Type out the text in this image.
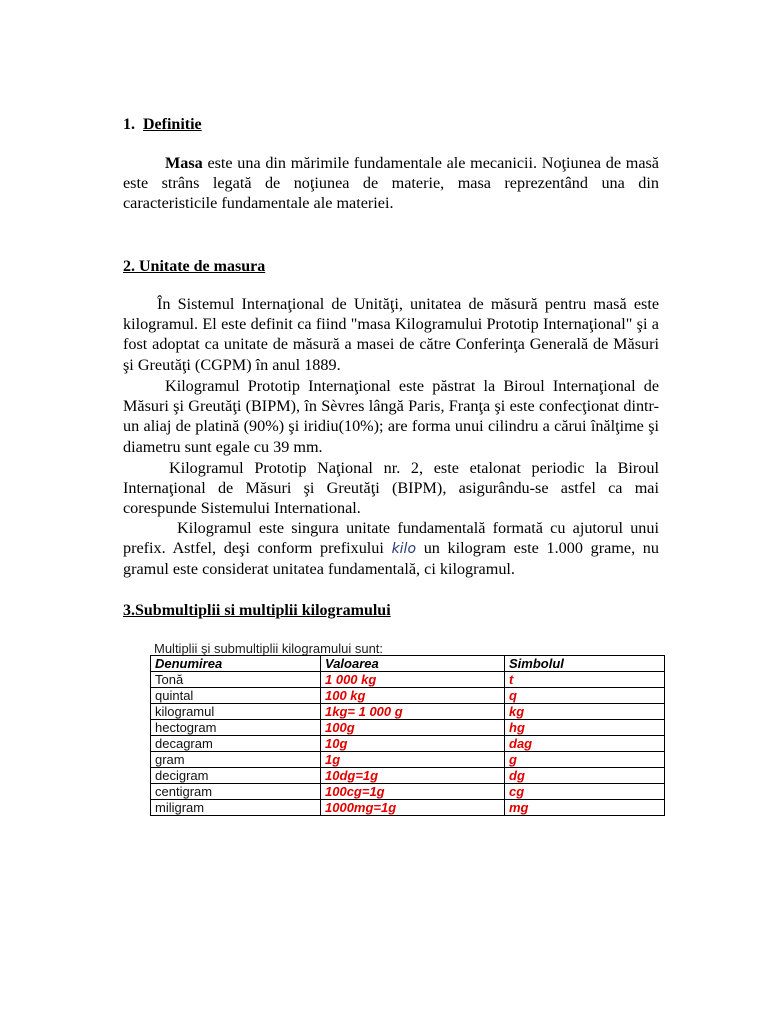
1. Definitie

Masa este una din mărimile fundamentale ale mecanicii. Noţiunea de masă este strâns legată de noţiunea de materie, masa reprezentând una din caracteristicile fundamentale ale materiei.

2. Unitate de masura

În Sistemul Internaţional de Unităţi, unitatea de măsură pentru masă este kilogramul. El este definit ca fiind "masa Kilogramului Prototip Internaţional" şi a fost adoptat ca unitate de măsură a masei de către Conferinţa Generală de Măsuri şi Greutăţi (CGPM) în anul 1889.

Kilogramul Prototip Internaţional este păstrat la Biroul Internaţional de Măsuri şi Greutăţi (BIPM), în Sèvres lângă Paris, Franţa şi este confecţionat dintr-un aliaj de platină (90%) şi iridiu(10%); are forma unui cilindru a cărui înălţime şi diametru sunt egale cu 39 mm.

Kilogramul Prototip Naţional nr. 2, este etalonat periodic la Biroul Internaţional de Măsuri şi Greutăţi (BIPM), asigurându-se astfel ca mai corespunde Sistemului International.

Kilogramul este singura unitate fundamentală formată cu ajutorul unui prefix. Astfel, deşi conform prefixului kilo un kilogram este 1.000 grame, nu gramul este considerat unitatea fundamentală, ci kilogramul.

3.Submultiplii si multiplii kilogramului
Multiplii şi submultiplii kilogramului sunt:
Denumirea	Valoarea	Simbolul
Tonă	1 000 kg	t
quintal	100 kg	q
kilogramul	1kg= 1 000 g	kg
hectogram	100g	hg
decagram	10g	dag
gram	1g	g
decigram	10dg=1g	dg
centigram	100cg=1g	cg
miligram	1000mg=1g	mg
